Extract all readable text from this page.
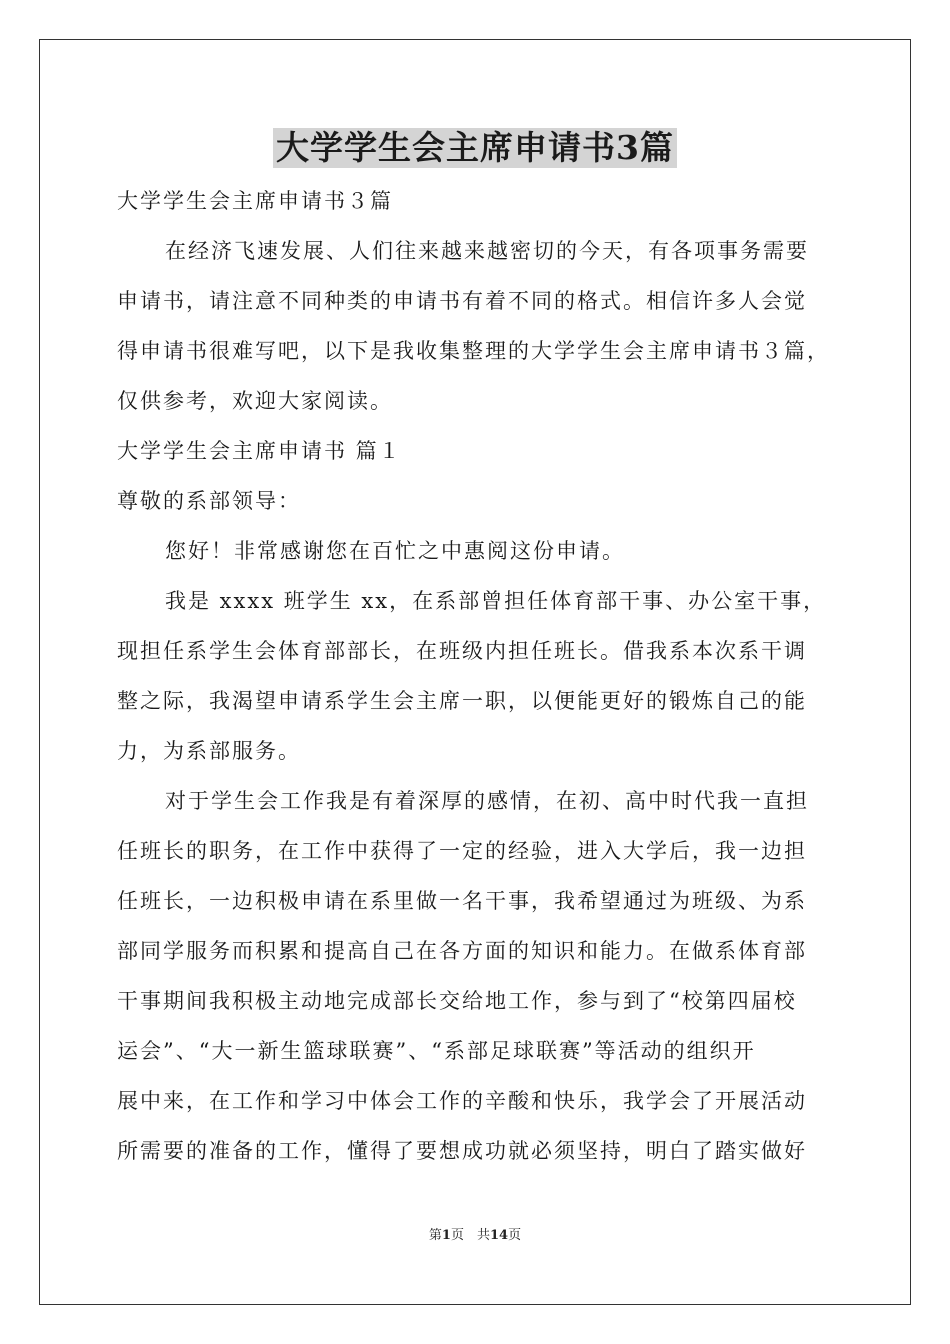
大学学生会主席申请书3篇
大学学生会主席申请书３篇
在经济飞速发展、人们往来越来越密切的今天，有各项事务需要
申请书，请注意不同种类的申请书有着不同的格式。相信许多人会觉
得申请书很难写吧，以下是我收集整理的大学学生会主席申请书３篇，
仅供参考，欢迎大家阅读。
大学学生会主席申请书 篇１
尊敬的系部领导：
您好！非常感谢您在百忙之中惠阅这份申请。
我是 xxxx 班学生 xx，在系部曾担任体育部干事、办公室干事，
现担任系学生会体育部部长，在班级内担任班长。借我系本次系干调
整之际，我渴望申请系学生会主席一职，以便能更好的锻炼自己的能
力，为系部服务。
对于学生会工作我是有着深厚的感情，在初、高中时代我一直担
任班长的职务，在工作中获得了一定的经验，进入大学后，我一边担
任班长，一边积极申请在系里做一名干事，我希望通过为班级、为系
部同学服务而积累和提高自己在各方面的知识和能力。在做系体育部
干事期间我积极主动地完成部长交给地工作，参与到了“校第四届校
运会”、“大一新生篮球联赛”、“系部足球联赛”等活动的组织开
展中来，在工作和学习中体会工作的辛酸和快乐，我学会了开展活动
所需要的准备的工作，懂得了要想成功就必须坚持，明白了踏实做好
第1页　共14页
